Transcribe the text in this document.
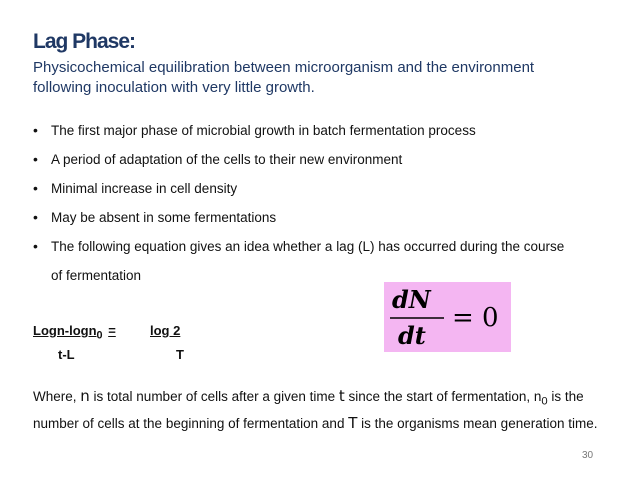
Lag Phase:
Physicochemical equilibration between microorganism and the environment following inoculation with very little growth.
• The first major phase of microbial growth in batch fermentation process
• A period of adaptation of the cells to their new environment
• Minimal increase in cell density
• May be absent in some fermentations
• The following equation gives an idea whether a lag (L) has occurred during the course
of fermentation
Logn-logn$_0$ =	log 2
t-L	T
dN
dt
= 0
Where, n is total number of cells after a given time t since the start of fermentation, $n_0$ is the number of cells at the beginning of fermentation and T is the organisms mean generation time.
30
